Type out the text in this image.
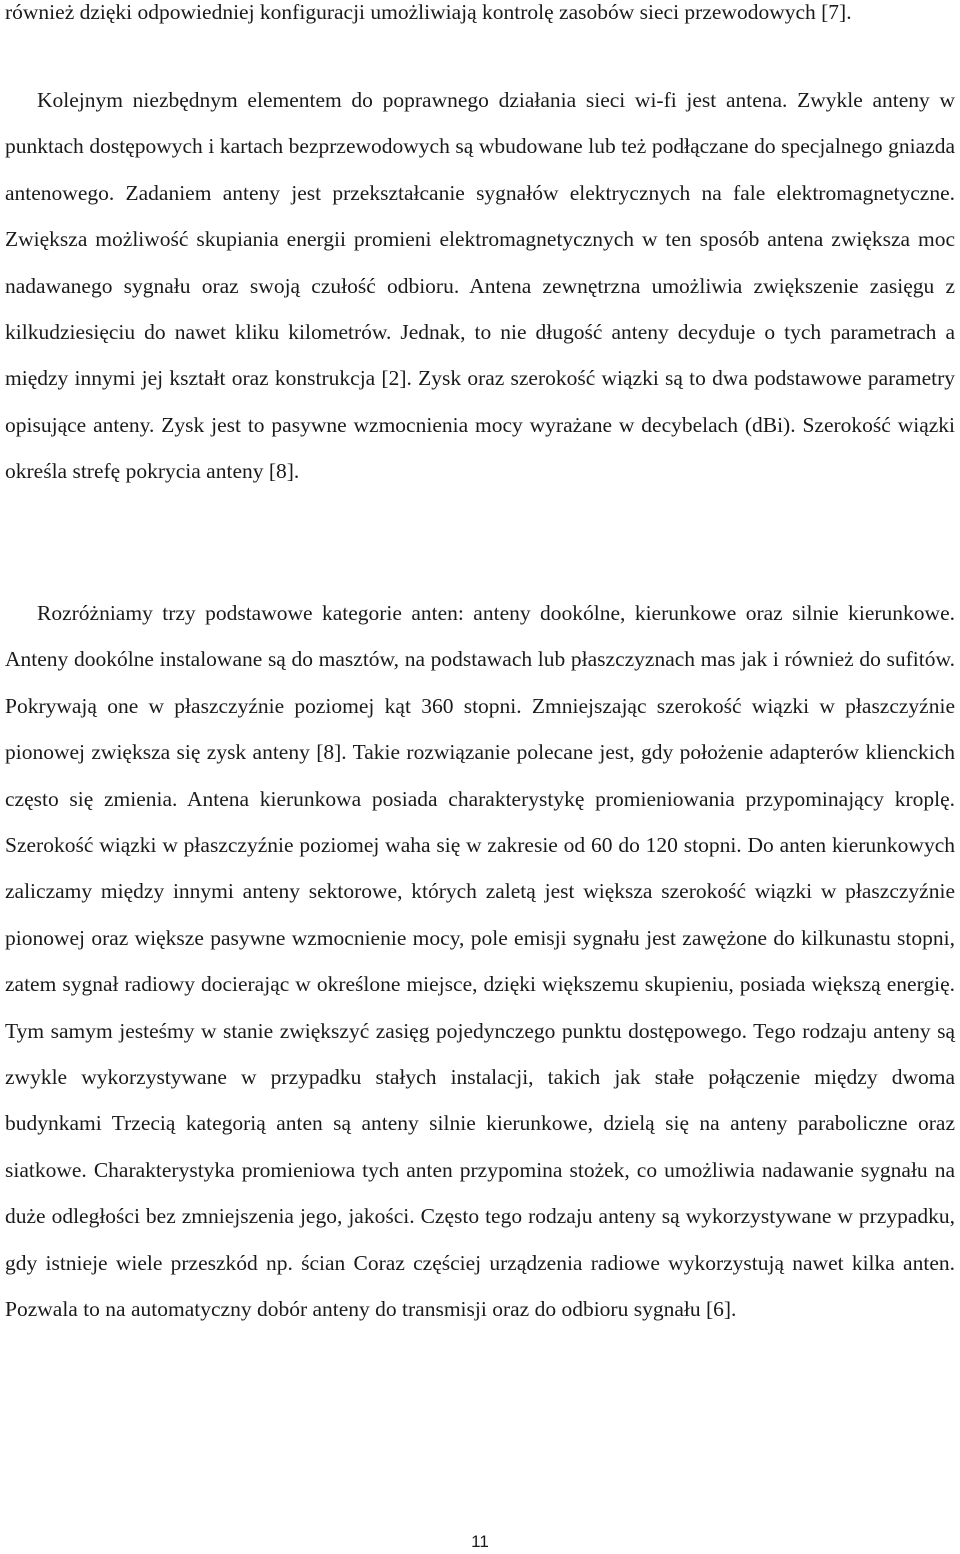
również dzięki odpowiedniej konfiguracji umożliwiają kontrolę zasobów sieci przewodowych [7].

Kolejnym niezbędnym elementem do poprawnego działania sieci wi-fi jest antena. Zwykle anteny w punktach dostępowych i kartach bezprzewodowych są wbudowane lub też podłączane do specjalnego gniazda antenowego. Zadaniem anteny jest przekształcanie sygnałów elektrycznych na fale elektromagnetyczne. Zwiększa możliwość skupiania energii promieni elektromagnetycznych w ten sposób antena zwiększa moc nadawanego sygnału oraz swoją czułość odbioru. Antena zewnętrzna umożliwia zwiększenie zasięgu z kilkudziesięciu do nawet kliku kilometrów. Jednak, to nie długość anteny decyduje o tych parametrach a między innymi jej kształt oraz konstrukcja [2]. Zysk oraz szerokość wiązki są to dwa podstawowe parametry opisujące anteny. Zysk jest to pasywne wzmocnienia mocy wyrażane w decybelach (dBi). Szerokość wiązki określa strefę pokrycia anteny [8].

Rozróżniamy trzy podstawowe kategorie anten: anteny dookólne, kierunkowe oraz silnie kierunkowe. Anteny dookólne instalowane są do masztów, na podstawach lub płaszczyznach mas jak i również do sufitów. Pokrywają one w płaszczyźnie poziomej kąt 360 stopni. Zmniejszając szerokość wiązki w płaszczyźnie pionowej zwiększa się zysk anteny [8]. Takie rozwiązanie polecane jest, gdy położenie adapterów klienckich często się zmienia. Antena kierunkowa posiada charakterystykę promieniowania przypominający kroplę. Szerokość wiązki w płaszczyźnie poziomej waha się w zakresie od 60 do 120 stopni. Do anten kierunkowych zaliczamy między innymi anteny sektorowe, których zaletą jest większa szerokość wiązki w płaszczyźnie pionowej oraz większe pasywne wzmocnienie mocy, pole emisji sygnału jest zawężone do kilkunastu stopni, zatem sygnał radiowy docierając w określone miejsce, dzięki większemu skupieniu, posiada większą energię. Tym samym jesteśmy w stanie zwiększyć zasięg pojedynczego punktu dostępowego. Tego rodzaju anteny są zwykle wykorzystywane w przypadku stałych instalacji, takich jak stałe połączenie między dwoma budynkami Trzecią kategorią anten są anteny silnie kierunkowe, dzielą się na anteny paraboliczne oraz siatkowe. Charakterystyka promieniowa tych anten przypomina stożek, co umożliwia nadawanie sygnału na duże odległości bez zmniejszenia jego, jakości. Często tego rodzaju anteny są wykorzystywane w przypadku, gdy istnieje wiele przeszkód np. ścian Coraz częściej urządzenia radiowe wykorzystują nawet kilka anten. Pozwala to na automatyczny dobór anteny do transmisji oraz do odbioru sygnału [6].

11
